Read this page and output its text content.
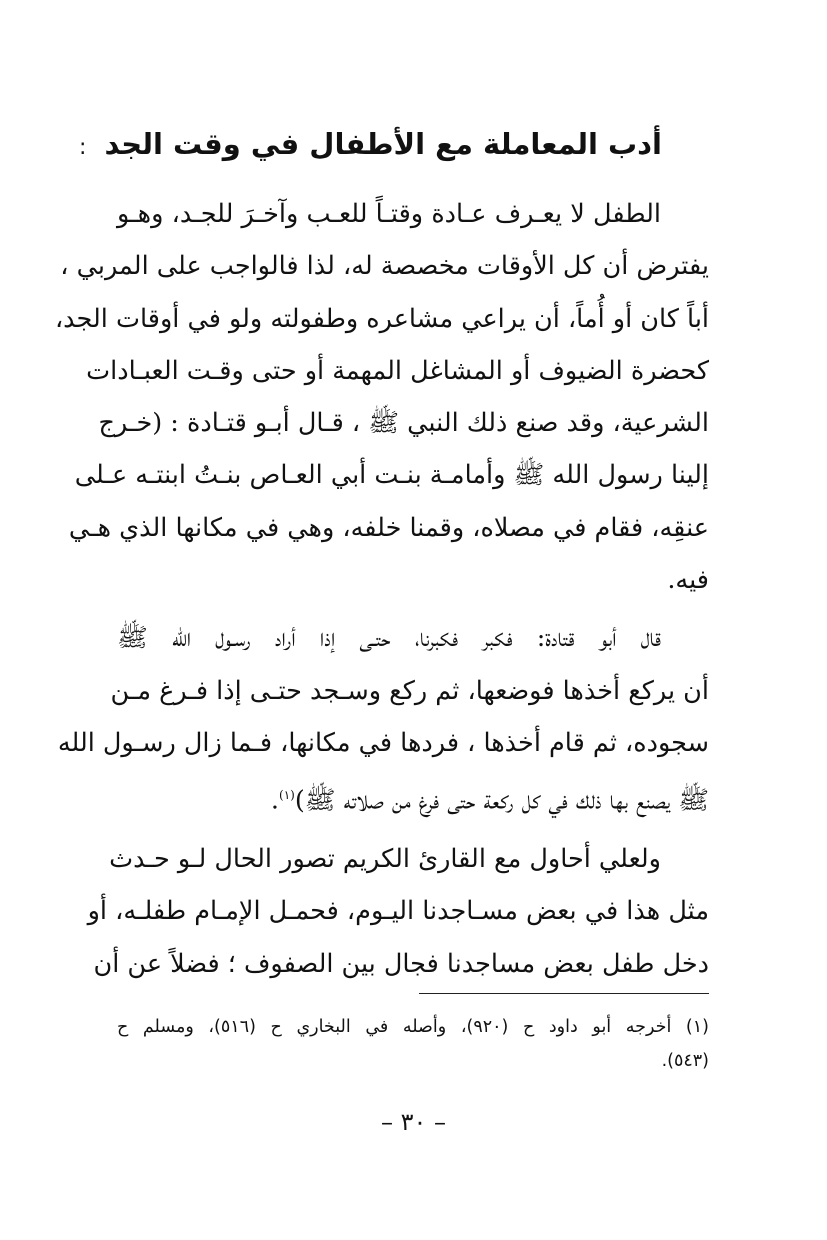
أدب المعاملة مع الأطفال في وقت الجد :
الطفل لا يعـرف عـادة وقتـاً للعـب وآخـرَ للجـد، وهـو
يفترض أن كل الأوقات مخصصة له، لذا فالواجب على المربي ،
أباً كان أو أُماً، أن يراعي مشاعره وطفولته ولو في أوقات الجد،
كحضرة الضيوف أو المشاغل المهمة أو حتى وقـت العبـادات
الشرعية، وقد صنع ذلك النبي ﷺ ، قـال أبـو قتـادة : (خـرج
إلينا رسول الله ﷺ وأمامـة بنـت أبي العـاص بنـتُ ابنتـه عـلى
عنقِه، فقام في مصلاه، وقمنا خلفه، وهي في مكانها الذي هـي
فيه.
قال أبو قتادة: فكبر فكبرنا، حتـى إذا أراد رسـول الله ﷺ
أن يركع أخذها فوضعها، ثم ركع وسـجد حتـى إذا فـرغ مـن
سجوده، ثم قام أخذها ، فردها في مكانها، فـما زال رسـول الله
ﷺ يصنع بها ذلك في كل ركعة حتى فرغ من صلاته ﷺ)$^{(١)}$.
ولعلي أحاول مع القارئ الكريم تصور الحال لـو حـدث
مثل هذا في بعض مسـاجدنا اليـوم، فحمـل الإمـام طفلـه، أو
دخل طفل بعض مساجدنا فجال بين الصفوف ؛ فضلاً عن أن
(١) أخرجه أبو داود ح (٩٢٠)، وأصله في البخاري ح (٥١٦)، ومسلم ح
(٥٤٣).
– ٣٠ –
